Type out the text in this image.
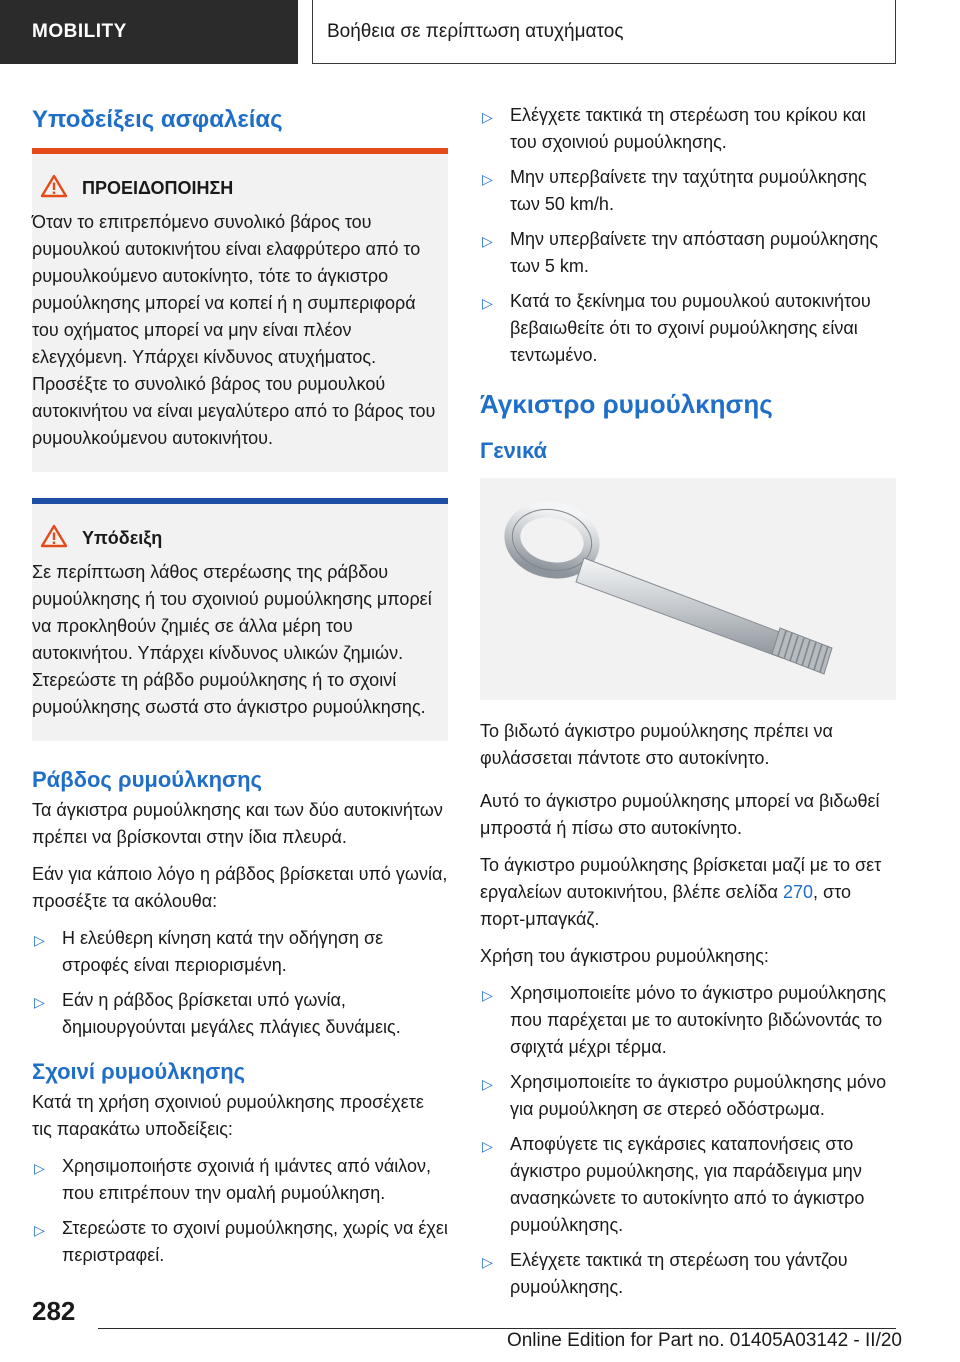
MOBILITY	Βοήθεια σε περίπτωση ατυχήματος
Υποδείξεις ασφαλείας
ΠΡΟΕΙΔΟΠΟΙΗΣΗ

Όταν το επιτρεπόμενο συνολικό βάρος του ρυμουλκού αυτοκινήτου είναι ελαφρύτερο από το ρυμουλκούμενο αυτοκίνητο, τότε το άγκιστρο ρυμούλκησης μπορεί να κοπεί ή η συμπεριφορά του οχήματος μπορεί να μην είναι πλέον ελεγχόμενη. Υπάρχει κίνδυνος ατυχήματος. Προσέξτε το συνολικό βάρος του ρυμουλκού αυτοκινήτου να είναι μεγαλύτερο από το βάρος του ρυμουλκούμενου αυτοκινήτου.

Υπόδειξη

Σε περίπτωση λάθος στερέωσης της ράβδου ρυμούλκησης ή του σχοινιού ρυμούλκησης μπορεί να προκληθούν ζημιές σε άλλα μέρη του αυτοκινήτου. Υπάρχει κίνδυνος υλικών ζημιών. Στερεώστε τη ράβδο ρυμούλκησης ή το σχοινί ρυμούλκησης σωστά στο άγκιστρο ρυμούλκησης.

Ράβδος ρυμούλκησης

Τα άγκιστρα ρυμούλκησης και των δύο αυτοκινήτων πρέπει να βρίσκονται στην ίδια πλευρά.

Εάν για κάποιο λόγο η ράβδος βρίσκεται υπό γωνία, προσέξτε τα ακόλουθα:

▷ Η ελεύθερη κίνηση κατά την οδήγηση σε στροφές είναι περιορισμένη.
▷ Εάν η ράβδος βρίσκεται υπό γωνία, δημιουργούνται μεγάλες πλάγιες δυνάμεις.
Σχοινί ρυμούλκησης

Κατά τη χρήση σχοινιού ρυμούλκησης προσέχετε τις παρακάτω υποδείξεις:

▷ Χρησιμοποιήστε σχοινιά ή ιμάντες από νάιλον, που επιτρέπουν την ομαλή ρυμούλκηση.
▷ Στερεώστε το σχοινί ρυμούλκησης, χωρίς να έχει περιστραφεί.
▷ Ελέγχετε τακτικά τη στερέωση του κρίκου και του σχοινιού ρυμούλκησης.
▷ Μην υπερβαίνετε την ταχύτητα ρυμούλκησης των 50 km/h.
▷ Μην υπερβαίνετε την απόσταση ρυμούλκησης των 5 km.
▷ Κατά το ξεκίνημα του ρυμουλκού αυτοκινήτου βεβαιωθείτε ότι το σχοινί ρυμούλκησης είναι τεντωμένο.
Άγκιστρο ρυμούλκησης
Γενικά

Το βιδωτό άγκιστρο ρυμούλκησης πρέπει να φυλάσσεται πάντοτε στο αυτοκίνητο.

Αυτό το άγκιστρο ρυμούλκησης μπορεί να βιδωθεί μπροστά ή πίσω στο αυτοκίνητο.

Το άγκιστρο ρυμούλκησης βρίσκεται μαζί με το σετ εργαλείων αυτοκινήτου, βλέπε σελίδα 270, στο πορτ-μπαγκάζ.

Χρήση του άγκιστρου ρυμούλκησης:

▷ Χρησιμοποιείτε μόνο το άγκιστρο ρυμούλκησης που παρέχεται με το αυτοκίνητο βιδώνοντάς το σφιχτά μέχρι τέρμα.
▷ Χρησιμοποιείτε το άγκιστρο ρυμούλκησης μόνο για ρυμούλκηση σε στερεό οδόστρωμα.
▷ Αποφύγετε τις εγκάρσιες καταπονήσεις στο άγκιστρο ρυμούλκησης, για παράδειγμα μην ανασηκώνετε το αυτοκίνητο από το άγκιστρο ρυμούλκησης.
▷ Ελέγχετε τακτικά τη στερέωση του γάντζου ρυμούλκησης.
282
Online Edition for Part no. 01405A03142 - II/20
